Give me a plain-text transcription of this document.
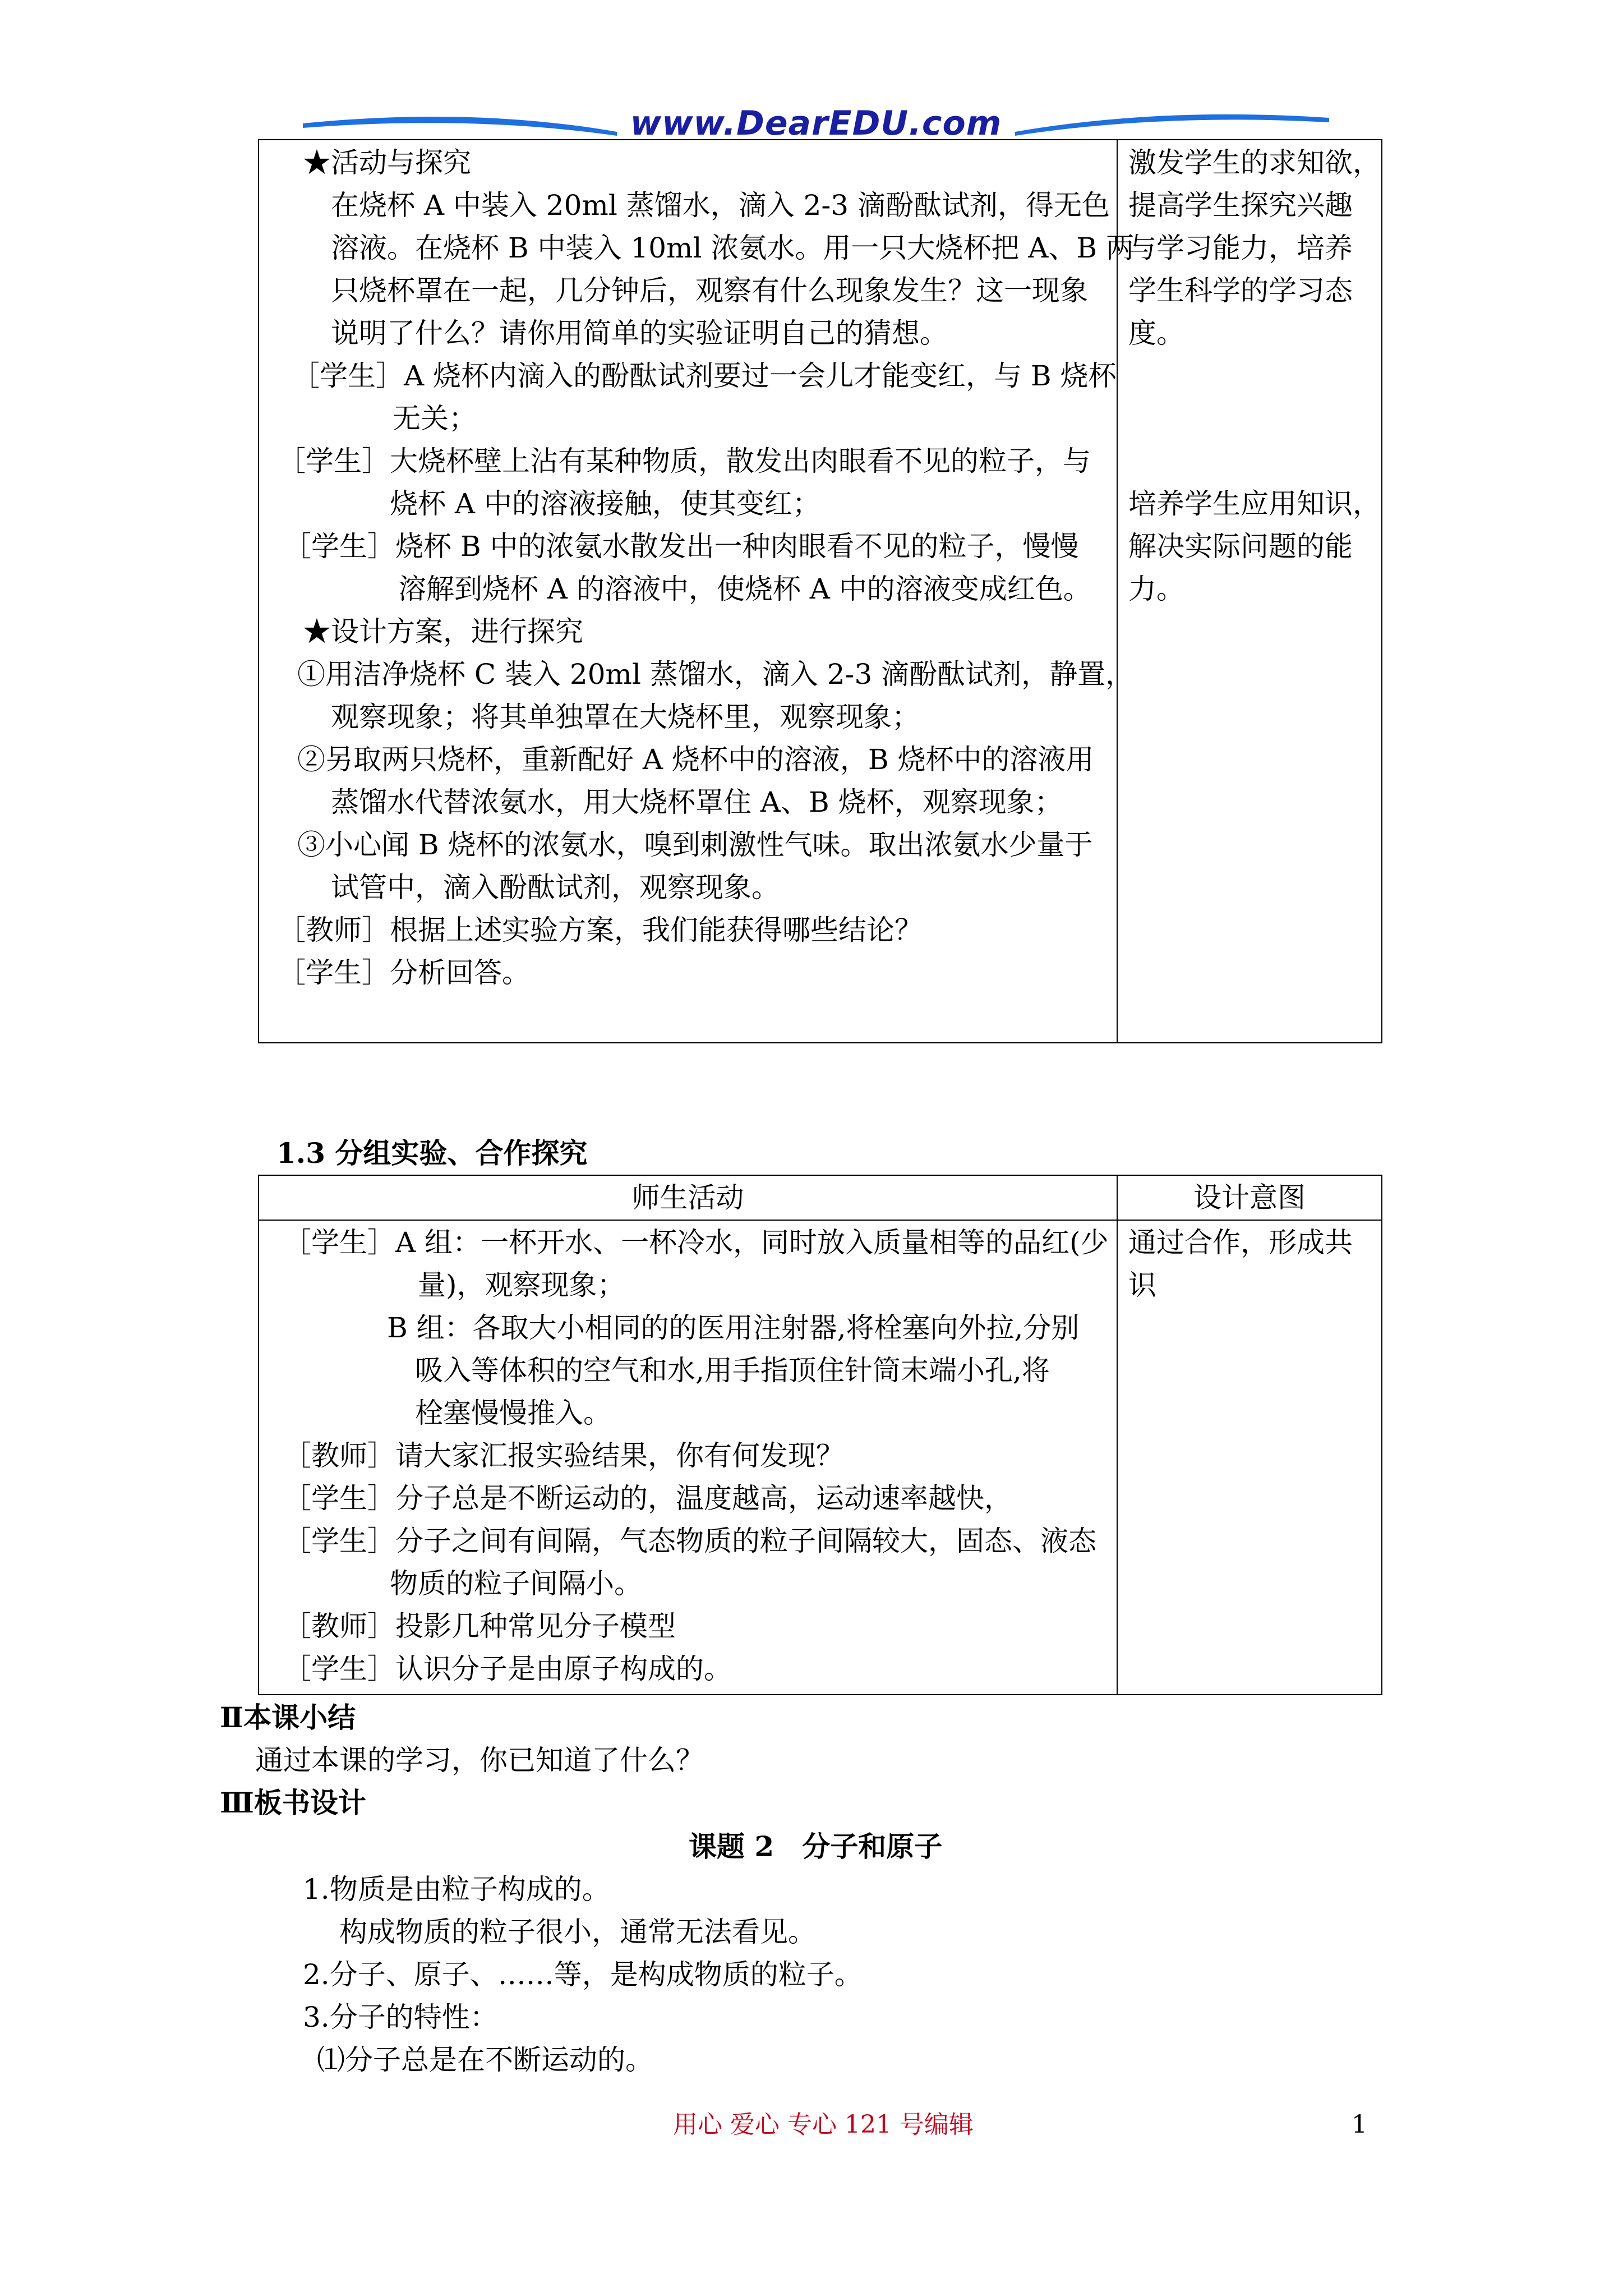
www.DearEDU.com
★活动与探究
在烧杯 A 中装入 20ml 蒸馏水，滴入 2-3 滴酚酞试剂，得无色
溶液。在烧杯 B 中装入 10ml 浓氨水。用一只大烧杯把 A、B 两
只烧杯罩在一起，几分钟后，观察有什么现象发生？这一现象
说明了什么？请你用简单的实验证明自己的猜想。
［学生］A 烧杯内滴入的酚酞试剂要过一会儿才能变红，与 B 烧杯
无关；
［学生］大烧杯壁上沾有某种物质，散发出肉眼看不见的粒子，与
烧杯 A 中的溶液接触，使其变红；
［学生］烧杯 B 中的浓氨水散发出一种肉眼看不见的粒子，慢慢
溶解到烧杯 A 的溶液中，使烧杯 A 中的溶液变成红色。
★设计方案，进行探究
①用洁净烧杯 C 装入 20ml 蒸馏水，滴入 2-3 滴酚酞试剂，静置，
观察现象；将其单独罩在大烧杯里，观察现象；
②另取两只烧杯，重新配好 A 烧杯中的溶液，B 烧杯中的溶液用
蒸馏水代替浓氨水，用大烧杯罩住 A、B 烧杯，观察现象；
③小心闻 B 烧杯的浓氨水，嗅到刺激性气味。取出浓氨水少量于
试管中，滴入酚酞试剂，观察现象。
［教师］根据上述实验方案，我们能获得哪些结论？
［学生］分析回答。
激发学生的求知欲，
提高学生探究兴趣
与学习能力，培养
学生科学的学习态
度。
培养学生应用知识，
解决实际问题的能
力。
1.3 分组实验、合作探究
师生活动	设计意图
［学生］A 组：一杯开水、一杯冷水，同时放入质量相等的品红(少
量)，观察现象；
B 组：各取大小相同的的医用注射器,将栓塞向外拉,分别
吸入等体积的空气和水,用手指顶住针筒末端小孔,将
栓塞慢慢推入。
［教师］请大家汇报实验结果，你有何发现？
［学生］分子总是不断运动的，温度越高，运动速率越快，
［学生］分子之间有间隔，气态物质的粒子间隔较大，固态、液态
物质的粒子间隔小。
［教师］投影几种常见分子模型
［学生］认识分子是由原子构成的。
通过合作，形成共
识
Ⅱ本课小结
通过本课的学习，你已知道了什么？
Ⅲ板书设计
课题 2　分子和原子
1.物质是由粒子构成的。
构成物质的粒子很小，通常无法看见。
2.分子、原子、……等，是构成物质的粒子。
3.分子的特性：
⑴分子总是在不断运动的。
用心 爱心 专心 121 号编辑	1
